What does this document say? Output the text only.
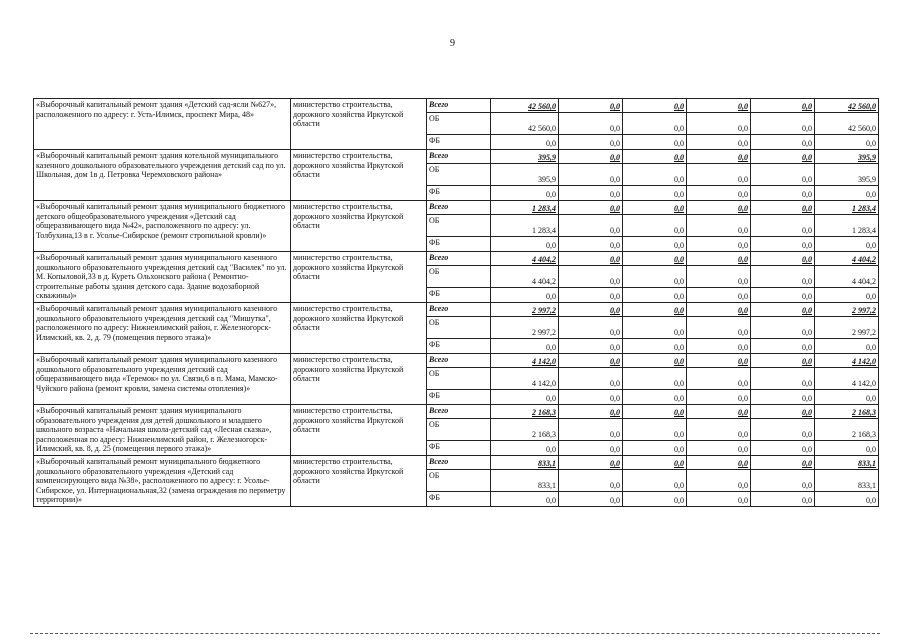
9
«Выборочный капитальный ремонт здания «Детский сад-ясли №627», расположенного по адресу: г. Усть-Илимск, проспект Мира, 48»	министерство строительства, дорожного хозяйства Иркутской области	Всего	42 560,0	0,0	0,0	0,0	0,0	42 560,0
		ОБ	42 560,0	0,0	0,0	0,0	0,0	42 560,0
		ФБ	0,0	0,0	0,0	0,0	0,0	0,0
«Выборочный капитальный ремонт здания котельной муниципального казенного дошкольного образовательного учреждения детский сад по ул. Школьная, дом 1в д. Петровка Черемховского района»	министерство строительства, дорожного хозяйства Иркутской области	Всего	395,9	0,0	0,0	0,0	0,0	395,9
		ОБ	395,9	0,0	0,0	0,0	0,0	395,9
		ФБ	0,0	0,0	0,0	0,0	0,0	0,0
«Выборочный капитальный ремонт здания муниципального бюджетного детского общеобразовательного учреждения «Детский сад общеразвивающего вида №42», расположенного по адресу: ул. Толбухина,13 в г. Усолье-Сибирское (ремонт стропильной кровли)»	министерство строительства, дорожного хозяйства Иркутской области	Всего	1 283,4	0,0	0,0	0,0	0,0	1 283,4
		ОБ	1 283,4	0,0	0,0	0,0	0,0	1 283,4
		ФБ	0,0	0,0	0,0	0,0	0,0	0,0
«Выборочный капитальный ремонт здания муниципального казенного дошкольного образовательного учреждения детский сад "Василек" по ул. М. Копыловой,33 в д. Куреть Ольхонского района ( Ремонтно-строительные работы здания детского сада. Здание водозаборной скважины)»	министерство строительства, дорожного хозяйства Иркутской области	Всего	4 404,2	0,0	0,0	0,0	0,0	4 404,2
		ОБ	4 404,2	0,0	0,0	0,0	0,0	4 404,2
		ФБ	0,0	0,0	0,0	0,0	0,0	0,0
«Выборочный капитальный ремонт здания муниципального казенного дошкольного образовательного учреждения детский сад "Мишутка", расположенного по адресу: Нижнеилимский район, г. Железногорск-Илимский, кв. 2, д. 79 (помещения первого этажа)»	министерство строительства, дорожного хозяйства Иркутской области	Всего	2 997,2	0,0	0,0	0,0	0,0	2 997,2
		ОБ	2 997,2	0,0	0,0	0,0	0,0	2 997,2
		ФБ	0,0	0,0	0,0	0,0	0,0	0,0
«Выборочный капитальный ремонт здания муниципального казенного дошкольного образовательного учреждения детский сад общеразвивающего вида «Теремок» по ул. Связи,6 в п. Мама, Мамско-Чуйского района (ремонт кровли, замена системы отопления)»	министерство строительства, дорожного хозяйства Иркутской области	Всего	4 142,0	0,0	0,0	0,0	0,0	4 142,0
		ОБ	4 142,0	0,0	0,0	0,0	0,0	4 142,0
		ФБ	0,0	0,0	0,0	0,0	0,0	0,0
«Выборочный капитальный ремонт здания муниципального образовательного учреждения для детей дошкольного и младшего школьного возраста «Начальная школа-детский сад «Лесная сказка», расположенная по адресу: Нижнеилимский район, г. Железногорск-Илимский, кв. 8, д. 25 (помещения первого этажа)»	министерство строительства, дорожного хозяйства Иркутской области	Всего	2 168,3	0,0	0,0	0,0	0,0	2 168,3
		ОБ	2 168,3	0,0	0,0	0,0	0,0	2 168,3
		ФБ	0,0	0,0	0,0	0,0	0,0	0,0
«Выборочный капитальный ремонт муниципального бюджетного дошкольного образовательного учреждения «Детский сад компенсирующего вида №38», расположенного по адресу: г. Усолье-Сибирское, ул. Интернациональная,32 (замена ограждения по периметру территории)»	министерство строительства, дорожного хозяйства Иркутской области	Всего	833,1	0,0	0,0	0,0	0,0	833,1
		ОБ	833,1	0,0	0,0	0,0	0,0	833,1
		ФБ	0,0	0,0	0,0	0,0	0,0	0,0
